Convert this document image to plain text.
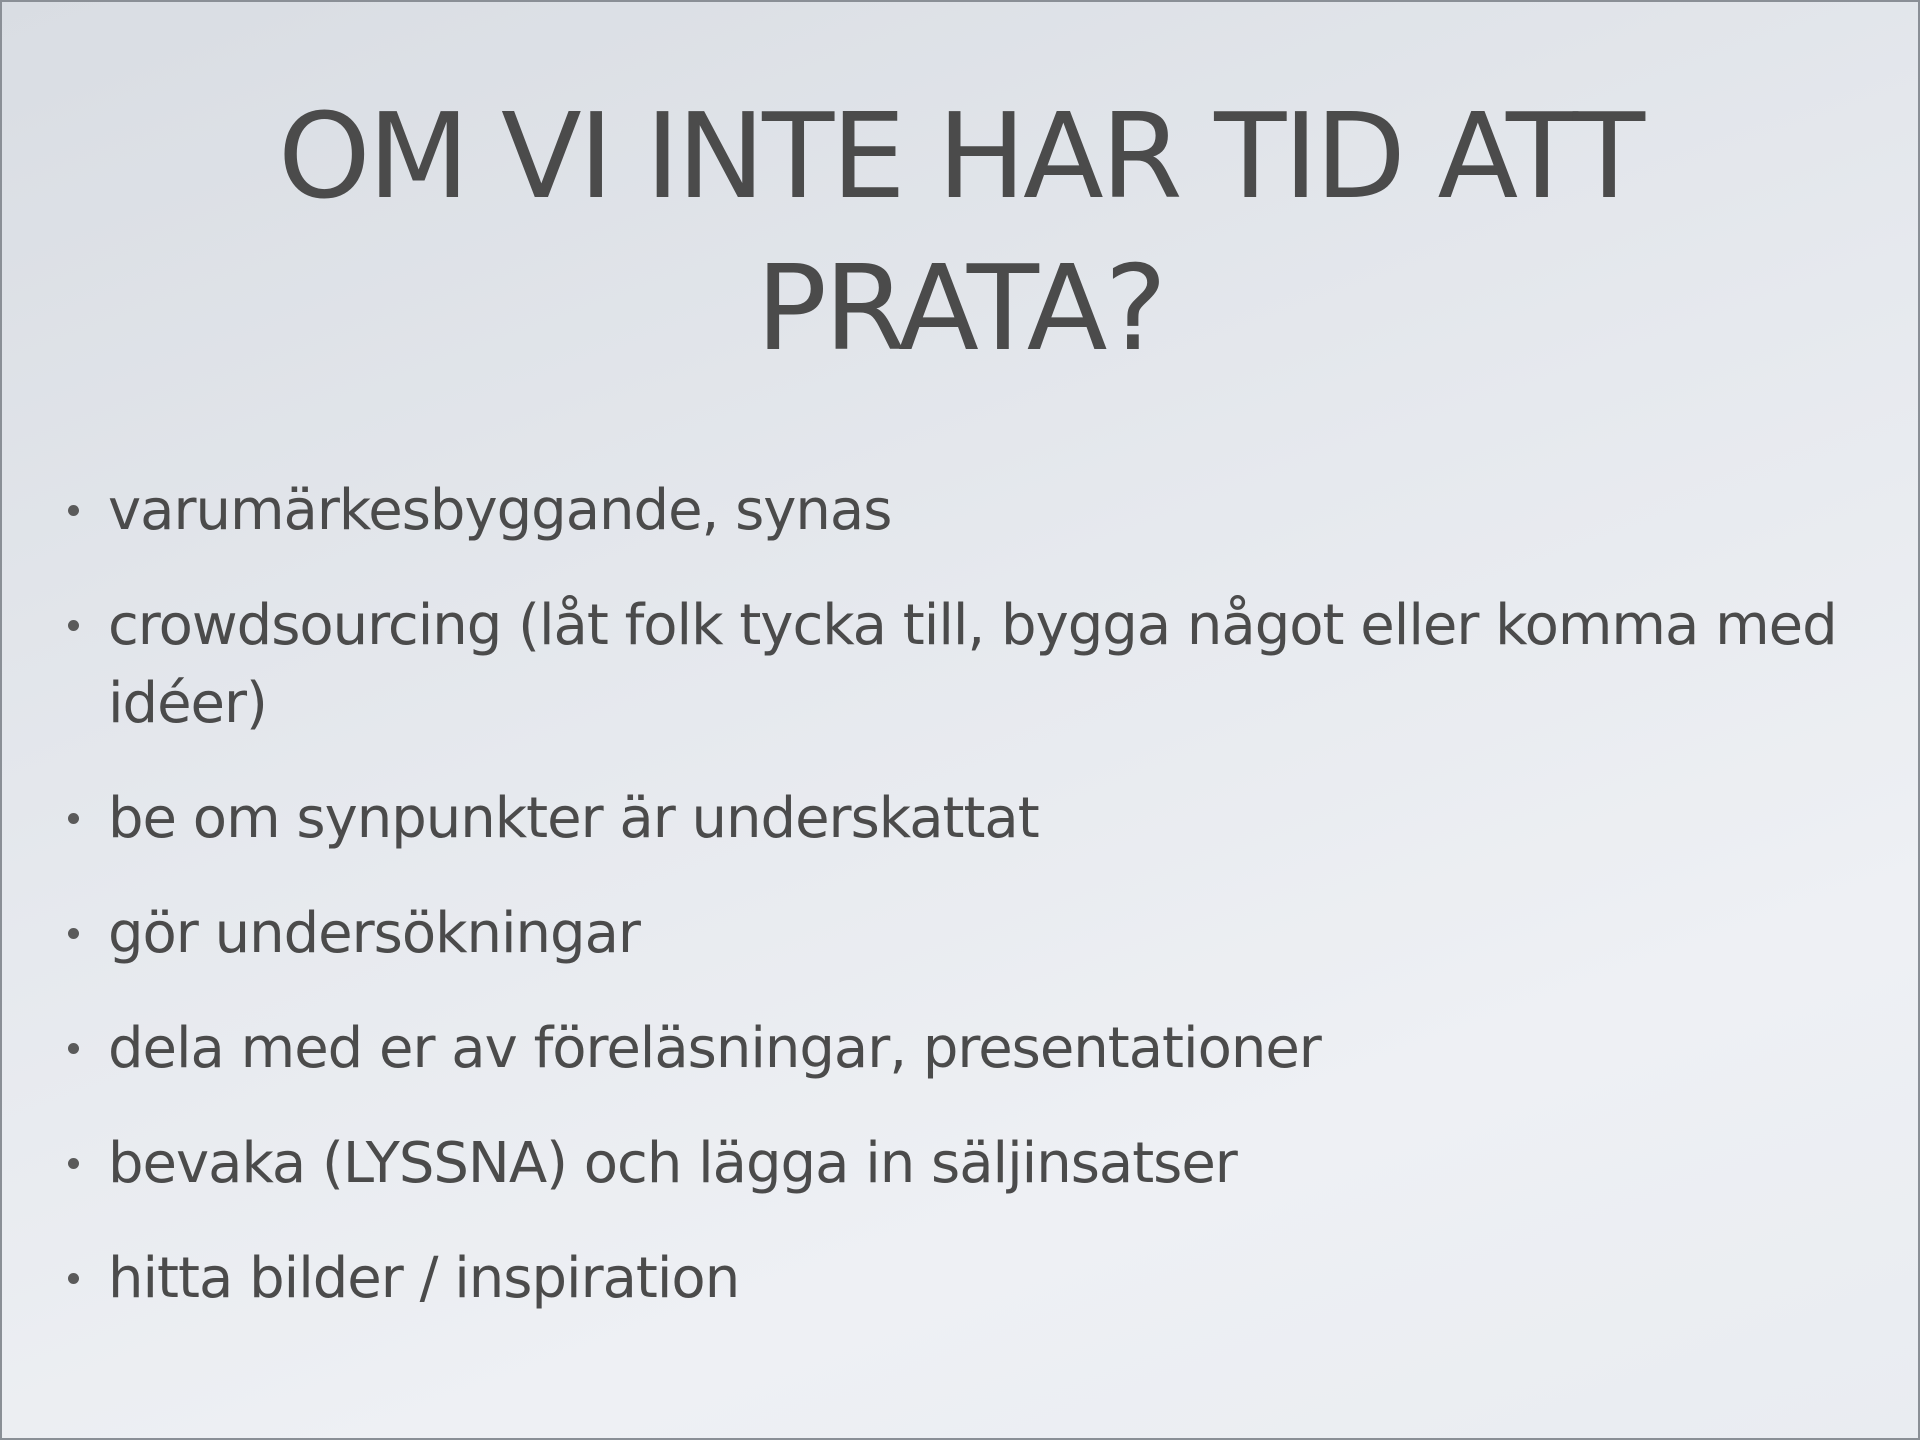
OM VI INTE HAR TID ATT
PRATA?
varumärkesbyggande, synas
crowdsourcing (låt folk tycka till, bygga något eller komma med idéer)
be om synpunkter är underskattat
gör undersökningar
dela med er av föreläsningar, presentationer
bevaka (LYSSNA) och lägga in säljinsatser
hitta bilder / inspiration
